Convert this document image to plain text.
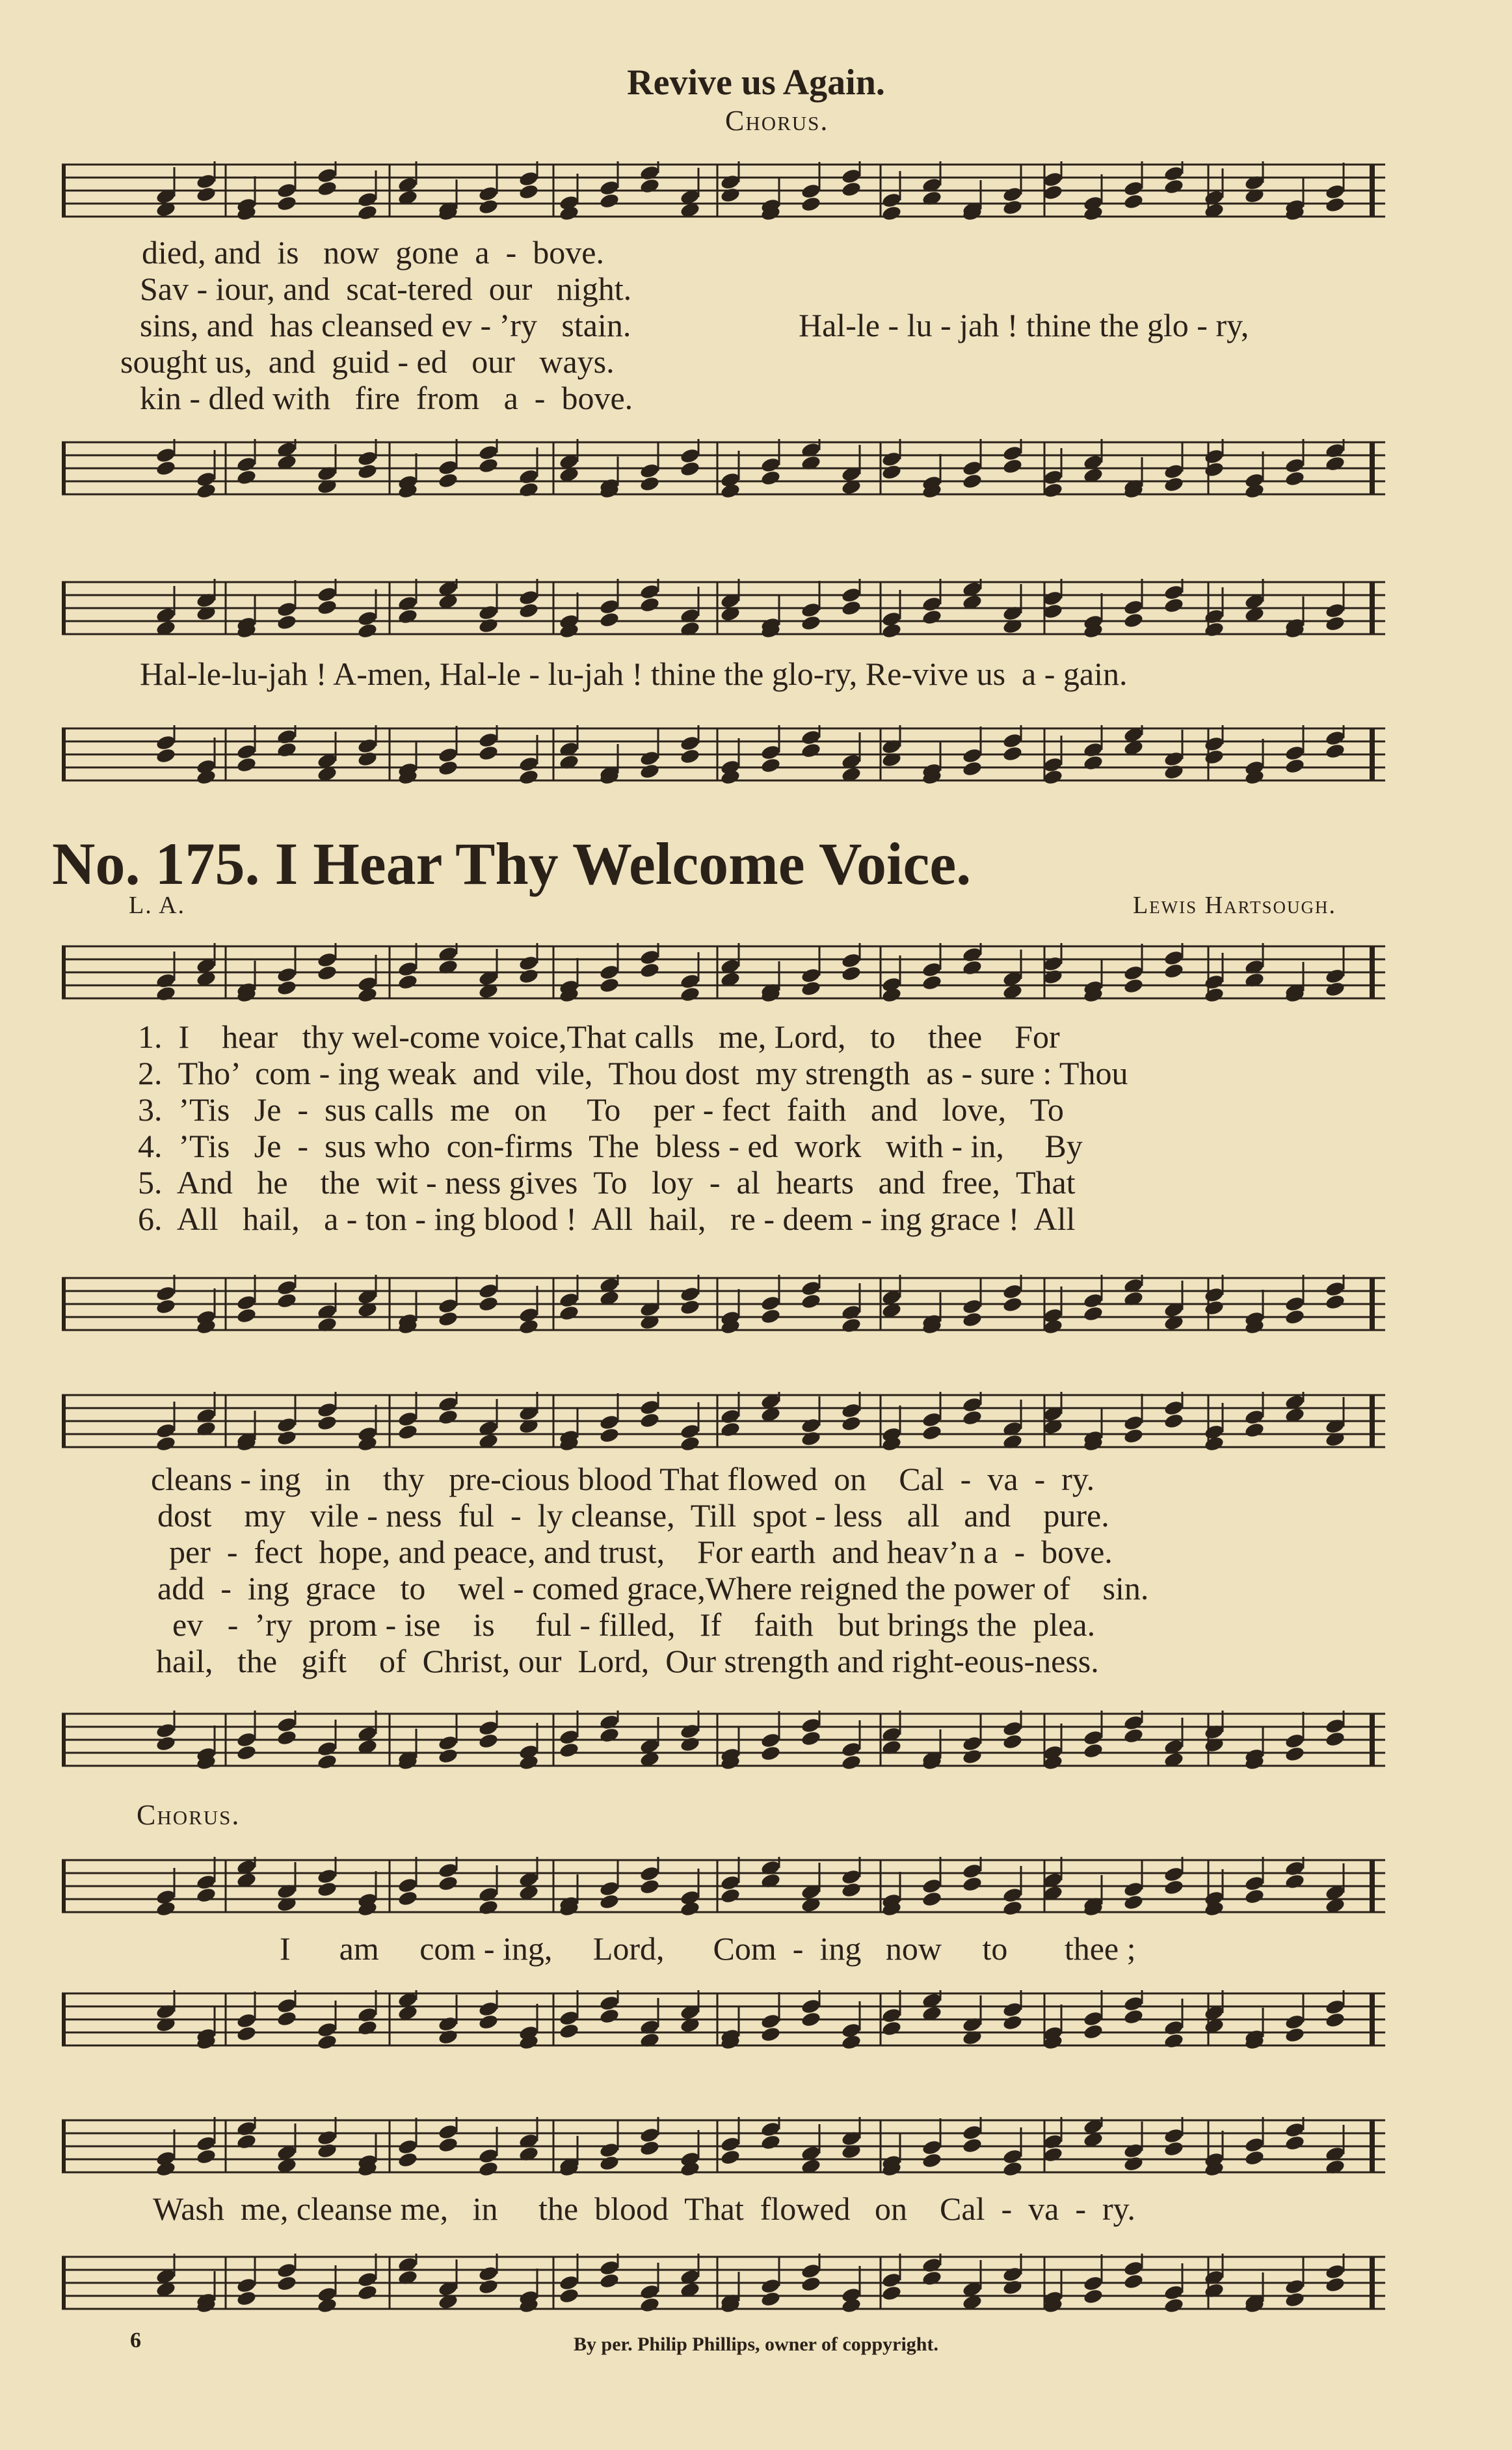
Revive us Again.
Chorus.
died, and  is   now  gone  a  -  bove.
Sav - iour, and  scat-tered  our   night.
sins, and  has cleansed ev - ’ry   stain.
sought us,  and  guid - ed   our   ways.
kin - dled with   fire  from   a  -  bove.
Hal-le - lu - jah ! thine the glo - ry,
Hal-le-lu-jah ! A-men, Hal-le - lu-jah ! thine the glo-ry, Re-vive us  a - gain.
No. 175. I Hear Thy Welcome Voice.
L. A.	Lewis Hartsough.
1.  I    hear   thy wel-come voice,That calls   me, Lord,   to    thee    For
2.  Tho’  com - ing weak  and  vile,  Thou dost  my strength  as - sure : Thou
3.  ’Tis   Je  -  sus calls  me   on     To    per - fect  faith   and   love,   To
4.  ’Tis   Je  -  sus who  con-firms  The  bless - ed  work   with - in,     By
5.  And   he    the  wit - ness gives  To   loy  -  al  hearts   and  free,  That
6.  All   hail,   a - ton - ing blood !  All  hail,   re - deem - ing grace !  All
cleans - ing   in    thy   pre-cious blood That flowed  on    Cal  -  va  -  ry.
dost    my   vile - ness  ful  -  ly cleanse,  Till  spot - less   all   and    pure.
per  -  fect  hope, and peace, and trust,    For earth  and heav’n a  -  bove.
add  -  ing  grace   to    wel - comed grace,Where reigned the power of    sin.
ev   -  ’ry  prom - ise    is     ful - filled,   If    faith   but brings the  plea.
hail,   the   gift    of  Christ, our  Lord,  Our strength and right-eous-ness.
Chorus.
I      am     com - ing,     Lord,      Com  -  ing   now     to       thee ;
Wash  me, cleanse me,   in     the  blood  That  flowed   on    Cal  -  va  -  ry.
6	By per. Philip Phillips, owner of coppyright.
